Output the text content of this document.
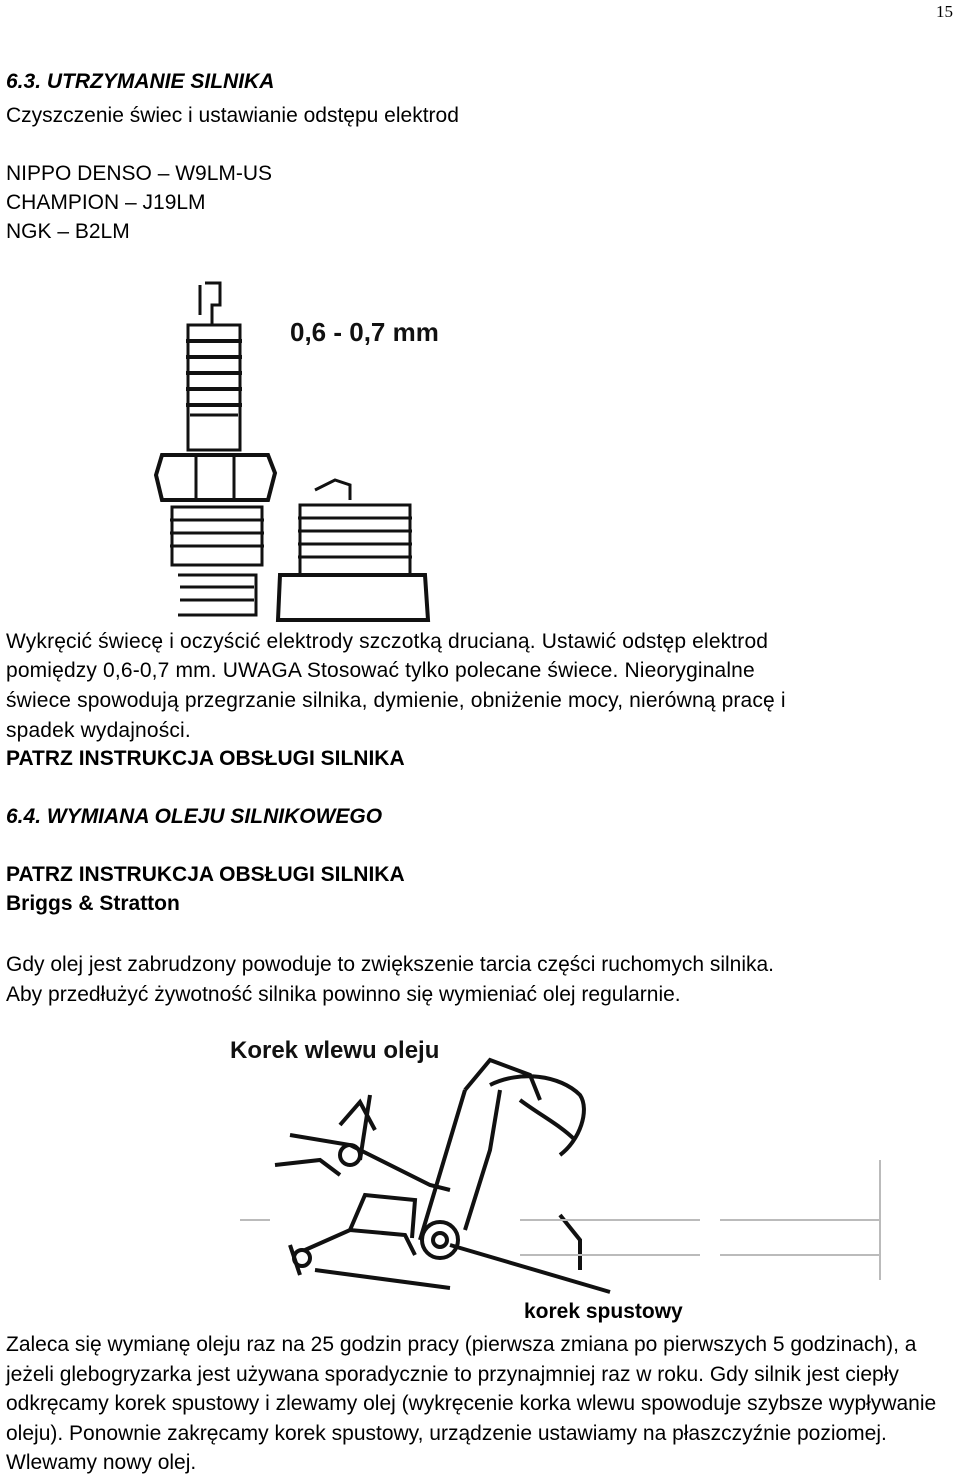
15
6.3. UTRZYMANIE SILNIKA
Czyszczenie świec i ustawianie odstępu elektrod
NIPPO DENSO – W9LM-US
CHAMPION – J19LM
NGK – B2LM
0,6 - 0,7 mm
Wykręcić świecę i oczyścić elektrody szczotką drucianą. Ustawić odstęp elektrod
pomiędzy 0,6-0,7 mm. UWAGA Stosować tylko polecane świece. Nieoryginalne
świece spowodują przegrzanie silnika, dymienie, obniżenie mocy, nierówną pracę i
spadek wydajności.
PATRZ INSTRUKCJA OBSŁUGI SILNIKA
6.4. WYMIANA OLEJU SILNIKOWEGO
PATRZ INSTRUKCJA OBSŁUGI SILNIKA
Briggs & Stratton
Gdy olej jest zabrudzony powoduje to zwiększenie tarcia części ruchomych silnika.
Aby przedłużyć żywotność silnika powinno się wymieniać olej regularnie.
Korek wlewu oleju
korek spustowy
Zaleca się wymianę oleju raz na 25 godzin pracy (pierwsza zmiana po pierwszych 5 godzinach), a jeżeli glebogryzarka jest używana sporadycznie to przynajmniej raz w roku. Gdy silnik jest ciepły odkręcamy korek spustowy i zlewamy olej (wykręcenie korka wlewu spowoduje szybsze wypływanie oleju). Ponownie zakręcamy korek spustowy, urządzenie ustawiamy na płaszczyźnie poziomej. Wlewamy nowy olej.
